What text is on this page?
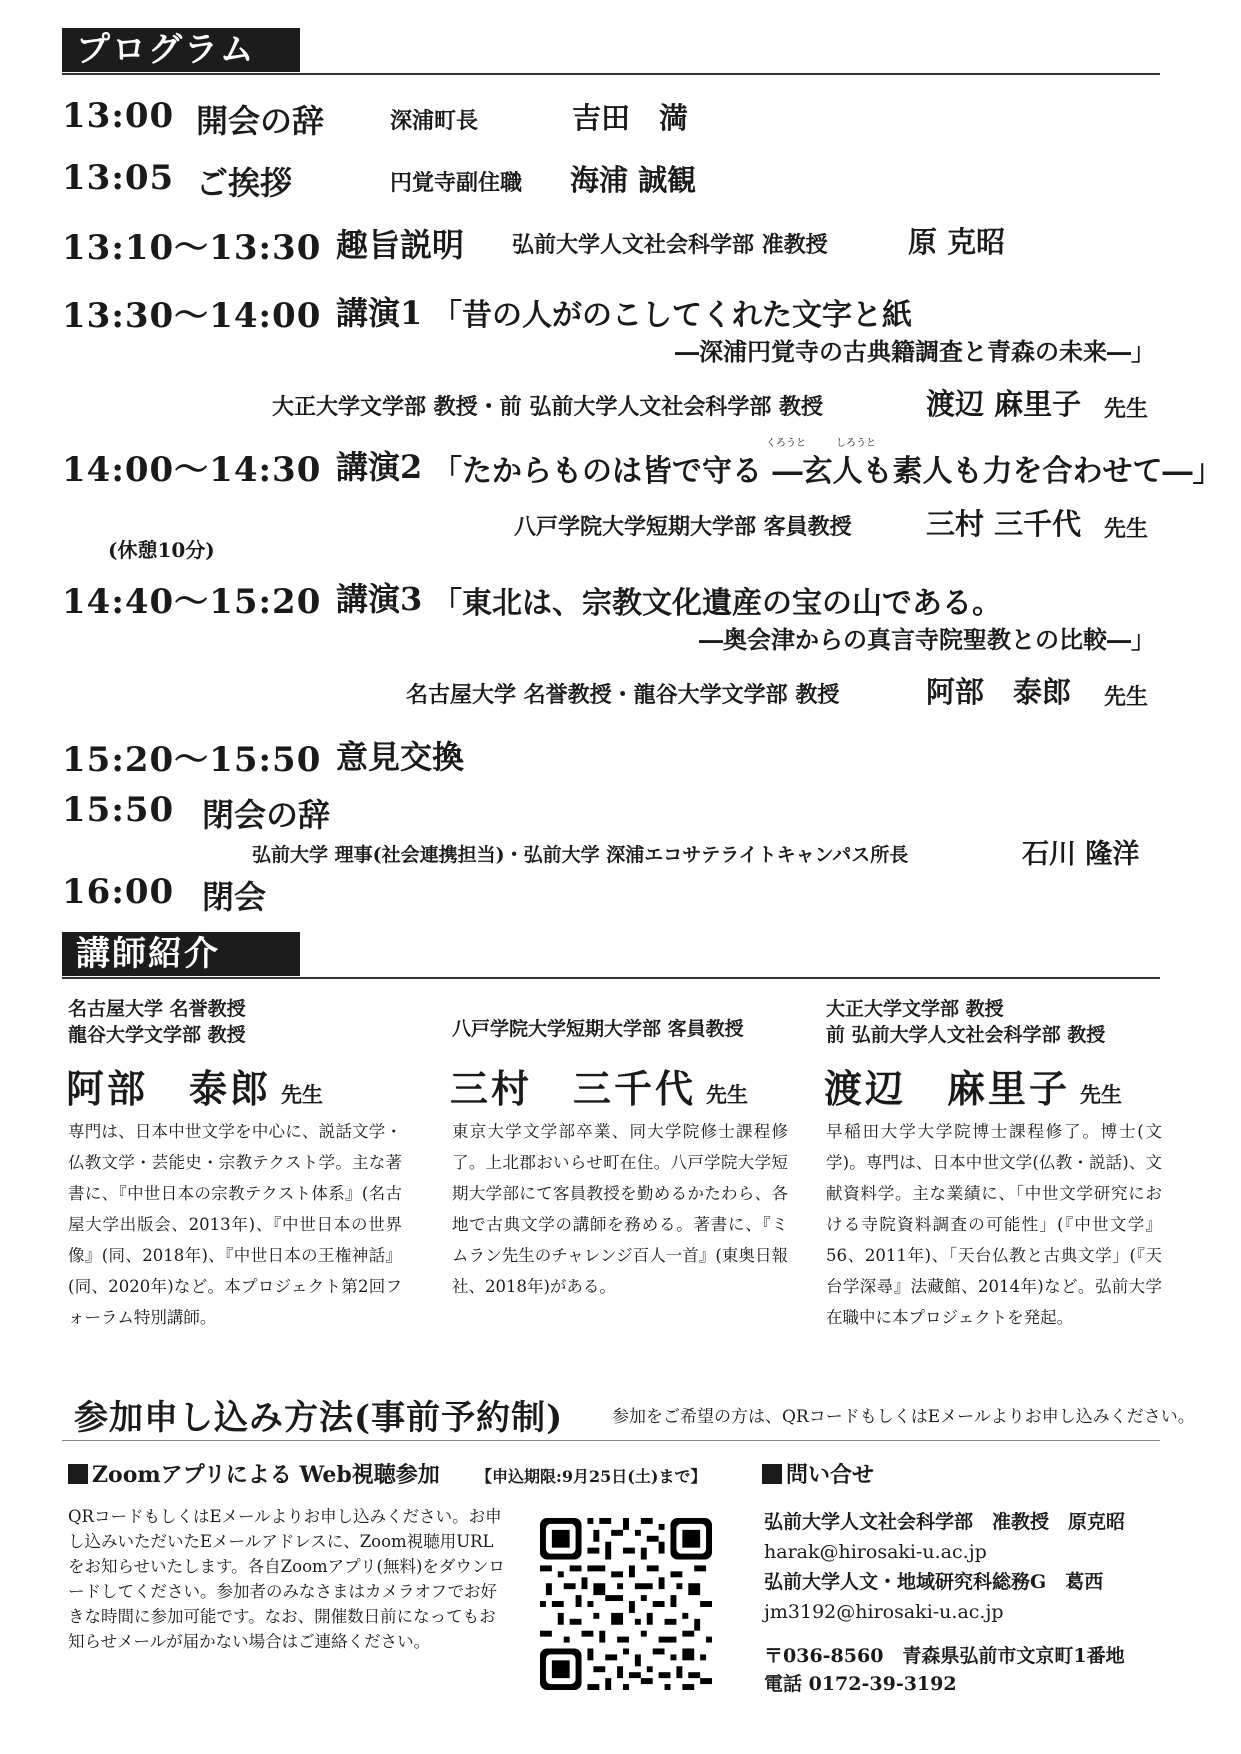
プログラム
13:00 開会の辞	深浦町長	吉田　満
13:05 ご挨拶	円覚寺副住職 海浦 誠観
13:10〜13:30 趣旨説明 弘前大学人文社会科学部 准教授	原 克昭
13:30〜14:00 講演1 「昔の人がのこしてくれた文字と紙
―深浦円覚寺の古典籍調査と青森の未来―」
大正大学文学部 教授・前 弘前大学人文社会科学部 教授	渡辺 麻里子 先生
14:00〜14:30 講演2 「たからものは皆で守る ―玄人も素人も力を合わせて―」
くろうと	しろうと
八戸学院大学短期大学部 客員教授	三村 三千代 先生
(休憩10分)
14:40〜15:20 講演3 「東北は、宗教文化遺産の宝の山である。
―奥会津からの真言寺院聖教との比較―」
名古屋大学 名誉教授・龍谷大学文学部 教授	阿部　泰郎 先生
15:20〜15:50 意見交換
15:50 閉会の辞
弘前大学 理事(社会連携担当)・弘前大学 深浦エコサテライトキャンパス所長	石川 隆洋
16:00 閉会
講師紹介
名古屋大学 名誉教授
龍谷大学文学部 教授
阿部　泰郎 先生
専門は、日本中世文学を中心に、説話文学・仏教文学・芸能史・宗教テクスト学。主な著書に、『中世日本の宗教テクスト体系』(名古屋大学出版会、2013年)、『中世日本の世界像』(同、2018年)、『中世日本の王権神話』(同、2020年)など。本プロジェクト第2回フォーラム特別講師。
八戸学院大学短期大学部 客員教授
三村　三千代 先生
東京大学文学部卒業、同大学院修士課程修了。上北郡おいらせ町在住。八戸学院大学短期大学部にて客員教授を勤めるかたわら、各地で古典文学の講師を務める。著書に、『ミムラン先生のチャレンジ百人一首』(東奥日報社、2018年)がある。
大正大学文学部 教授
前 弘前大学人文社会科学部 教授
渡辺　麻里子 先生
早稲田大学大学院博士課程修了。博士(文学)。専門は、日本中世文学(仏教・説話)、文献資料学。主な業績に、「中世文学研究における寺院資料調査の可能性」(『中世文学』56、2011年)、「天台仏教と古典文学」(『天台学深尋』法藏館、2014年)など。弘前大学在職中に本プロジェクトを発起。
参加申し込み方法(事前予約制)	参加をご希望の方は、QRコードもしくはEメールよりお申し込みください。
Zoomアプリによる Web視聴参加 【申込期限:9月25日(土)まで】
QRコードもしくはEメールよりお申し込みください。お申し込みいただいたEメールアドレスに、Zoom視聴用URLをお知らせいたします。各自Zoomアプリ(無料)をダウンロードしてください。参加者のみなさまはカメラオフでお好きな時間に参加可能です。なお、開催数日前になってもお知らせメールが届かない場合はご連絡ください。
問い合せ
弘前大学人文社会科学部　准教授　原克昭
harak@hirosaki-u.ac.jp
弘前大学人文・地域研究科総務G　葛西
jm3192@hirosaki-u.ac.jp
〒036-8560　青森県弘前市文京町1番地
電話 0172-39-3192
